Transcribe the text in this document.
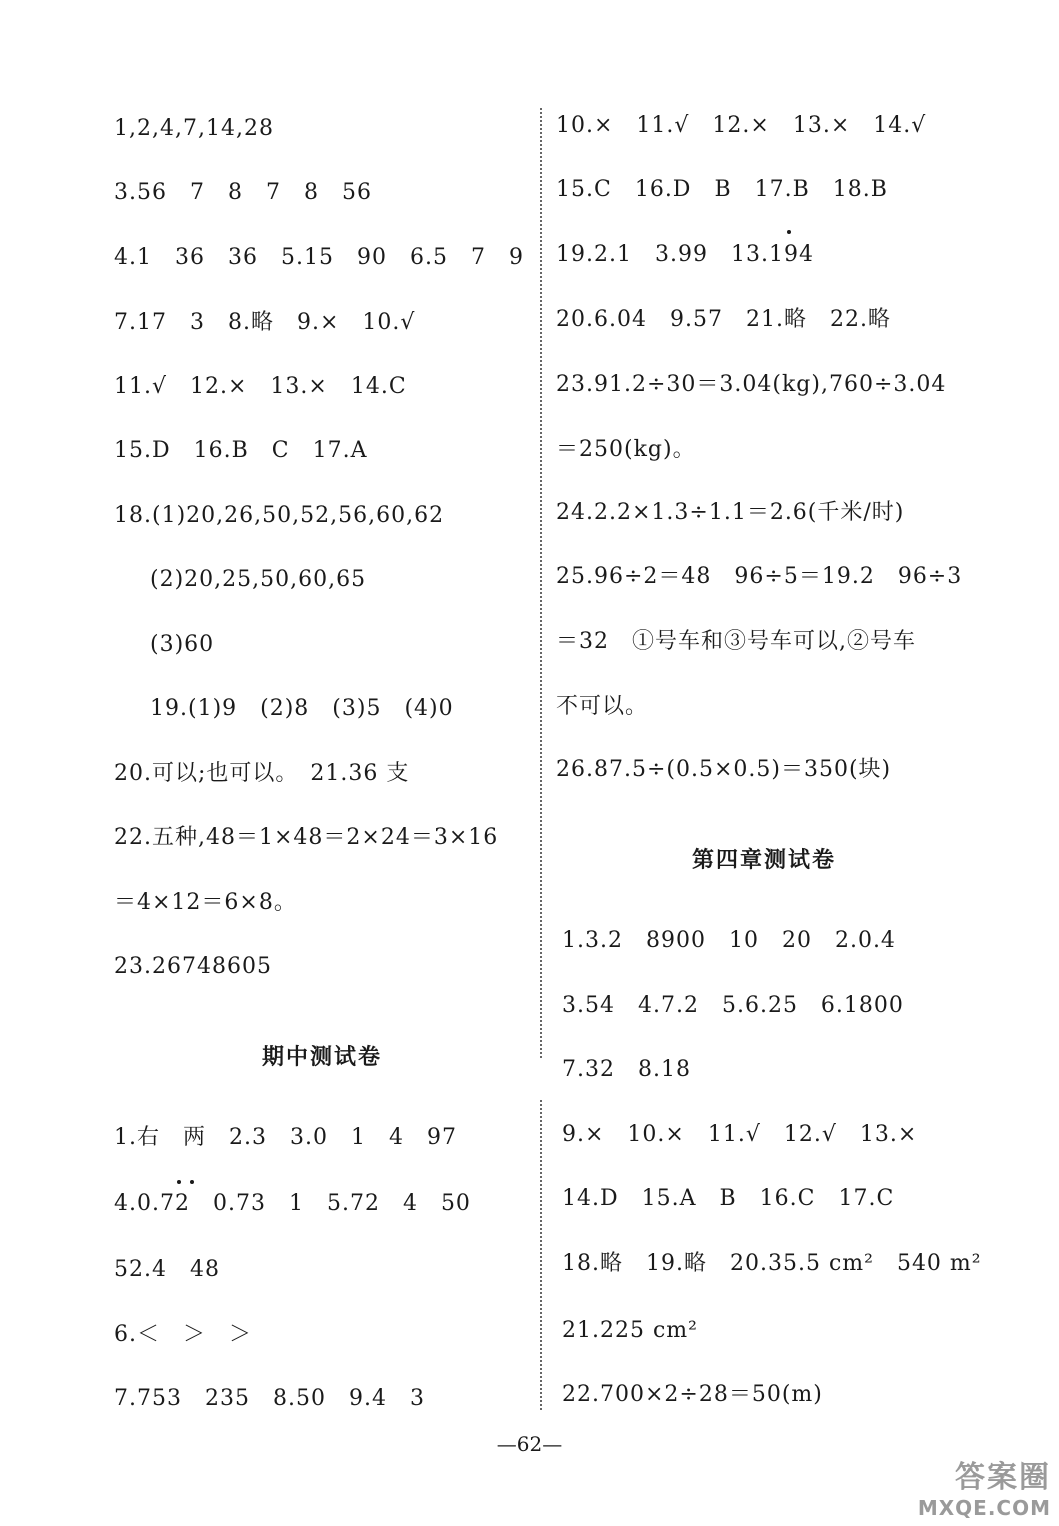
1,2,4,7,14,28
3.56　7　8　7　8　56
4.1　36　36　5.15　90　6.5　7　9
7.17　3　8.略　9.×　10.√
11.√　12.×　13.×　14.C
15.D　16.B　C　17.A
18.(1)20,26,50,52,56,60,62
(2)20,25,50,60,65
(3)60
19.(1)9　(2)8　(3)5　(4)0
20.可以;也可以。　21.36 支
22.五种,48＝1×48＝2×24＝3×16
＝4×12＝6×8。
23.26748605
期中测试卷
1.右　两　2.3　3.0　1　4　97
4.0.72　0.73　1　5.72　4　50
52.4　48
6.＜　＞　＞
7.753　235　8.50　9.4　3
10.×　11.√　12.×　13.×　14.√
15.C　16.D　B　17.B　18.B
19.2.1　3.99　13.194
20.6.04　9.57　21.略　22.略
23.91.2÷30＝3.04(kg),760÷3.04
＝250(kg)。
24.2.2×1.3÷1.1＝2.6(千米/时)
25.96÷2＝48　96÷5＝19.2　96÷3
＝32　①号车和③号车可以,②号车
不可以。
26.87.5÷(0.5×0.5)＝350(块)
第四章测试卷
1.3.2　8900　10　20　2.0.4
3.54　4.7.2　5.6.25　6.1800
7.32　8.18
9.×　10.×　11.√　12.√　13.×
14.D　15.A　B　16.C　17.C
18.略　19.略　20.35.5 cm²　540 m²
21.225 cm²
22.700×2÷28＝50(m)
—62—
答案圈
MXQE.COM
